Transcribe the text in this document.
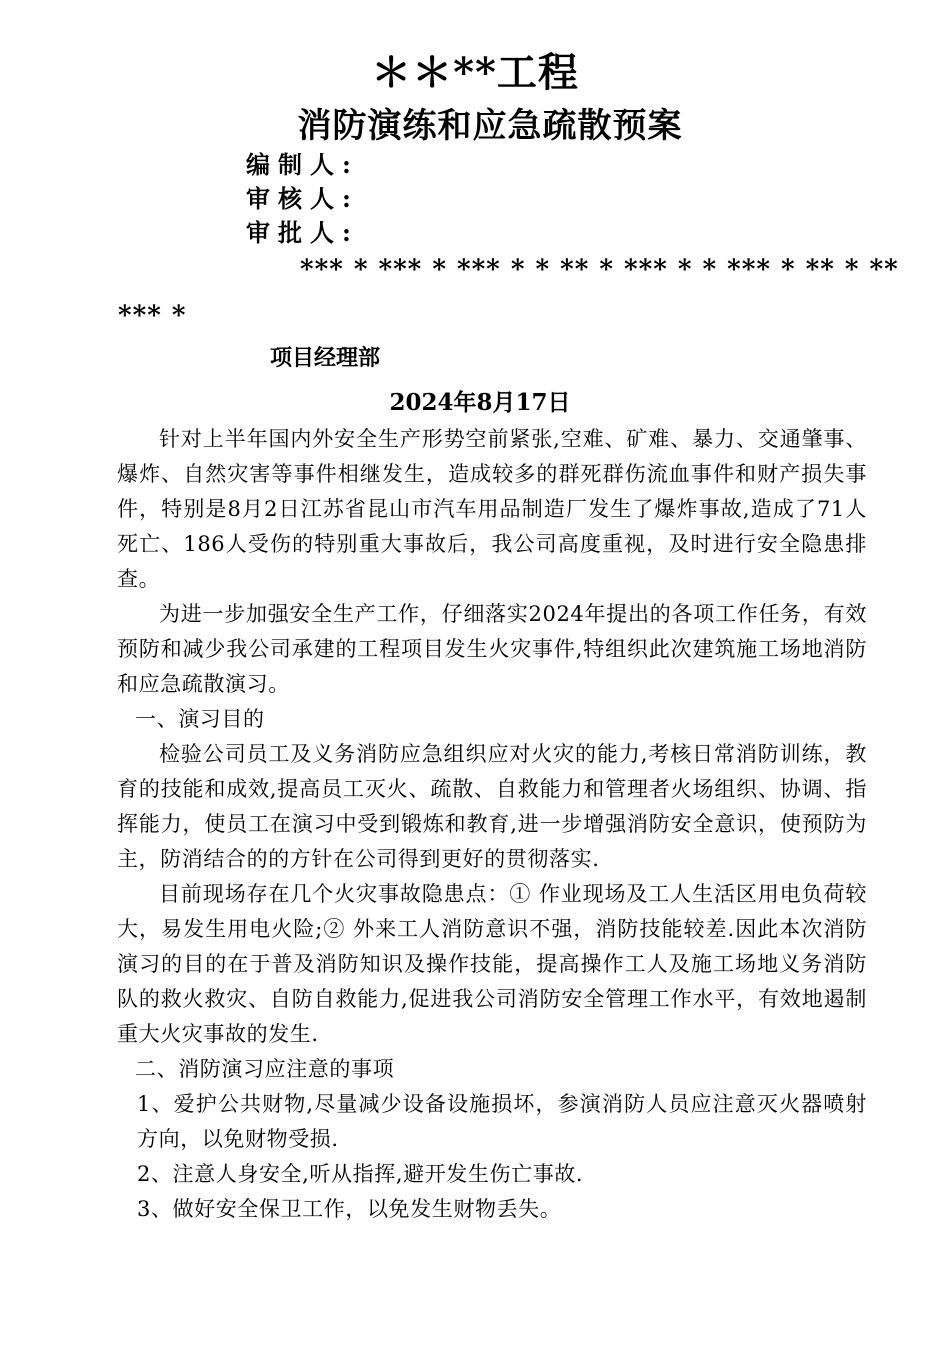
＊＊**工程
消防演练和应急疏散预案
编制人:
审核人:
审批人:
*** * *** * *** * * ** * *** * * *** * ** * **
*** *
项目经理部
2024年8月17日

针对上半年国内外安全生产形势空前紧张,空难、矿难、暴力、交通肇事、爆炸、自然灾害等事件相继发生，造成较多的群死群伤流血事件和财产损失事件，特别是8月2日江苏省昆山市汽车用品制造厂发生了爆炸事故,造成了71人死亡、186人受伤的特别重大事故后，我公司高度重视，及时进行安全隐患排查。

为进一步加强安全生产工作，仔细落实2024年提出的各项工作任务，有效预防和减少我公司承建的工程项目发生火灾事件,特组织此次建筑施工场地消防和应急疏散演习。

一、演习目的

检验公司员工及义务消防应急组织应对火灾的能力,考核日常消防训练，教育的技能和成效,提高员工灭火、疏散、自救能力和管理者火场组织、协调、指挥能力，使员工在演习中受到锻炼和教育,进一步增强消防安全意识，使预防为主，防消结合的的方针在公司得到更好的贯彻落实.

目前现场存在几个火灾事故隐患点：① 作业现场及工人生活区用电负荷较大，易发生用电火险;② 外来工人消防意识不强，消防技能较差.因此本次消防演习的目的在于普及消防知识及操作技能，提高操作工人及施工场地义务消防队的救火救灾、自防自救能力,促进我公司消防安全管理工作水平，有效地遏制重大火灾事故的发生.

二、消防演习应注意的事项

1、爱护公共财物,尽量减少设备设施损坏，参演消防人员应注意灭火器喷射方向，以免财物受损.

2、注意人身安全,听从指挥,避开发生伤亡事故.

3、做好安全保卫工作，以免发生财物丢失。
